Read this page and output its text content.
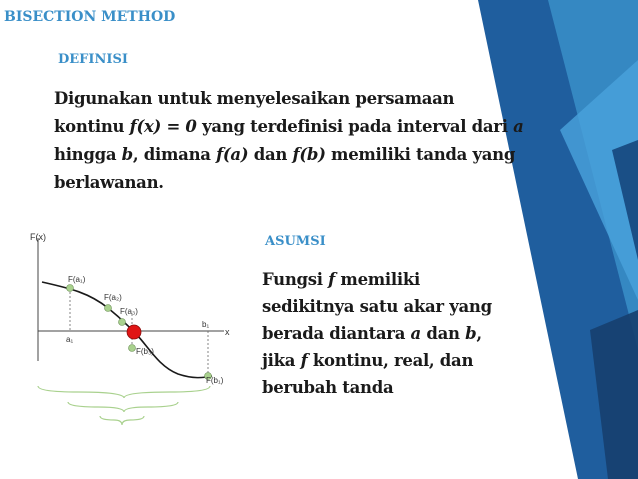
BISECTION METHOD
DEFINISI
Digunakan untuk menyelesaikan persamaan kontinu f(x) = 0 yang terdefinisi pada interval dari a hingga b, dimana f(a) dan f(b) memiliki tanda yang berlawanan.
ASUMSI
Fungsi f memiliki sedikitnya satu akar yang berada diantara a dan b, jika f kontinu, real, dan berubah tanda
F(x)
x
F(a₁)
F(a₂)
F(a₃)
F(b₃)
F(b₁)
a₁
b₁
